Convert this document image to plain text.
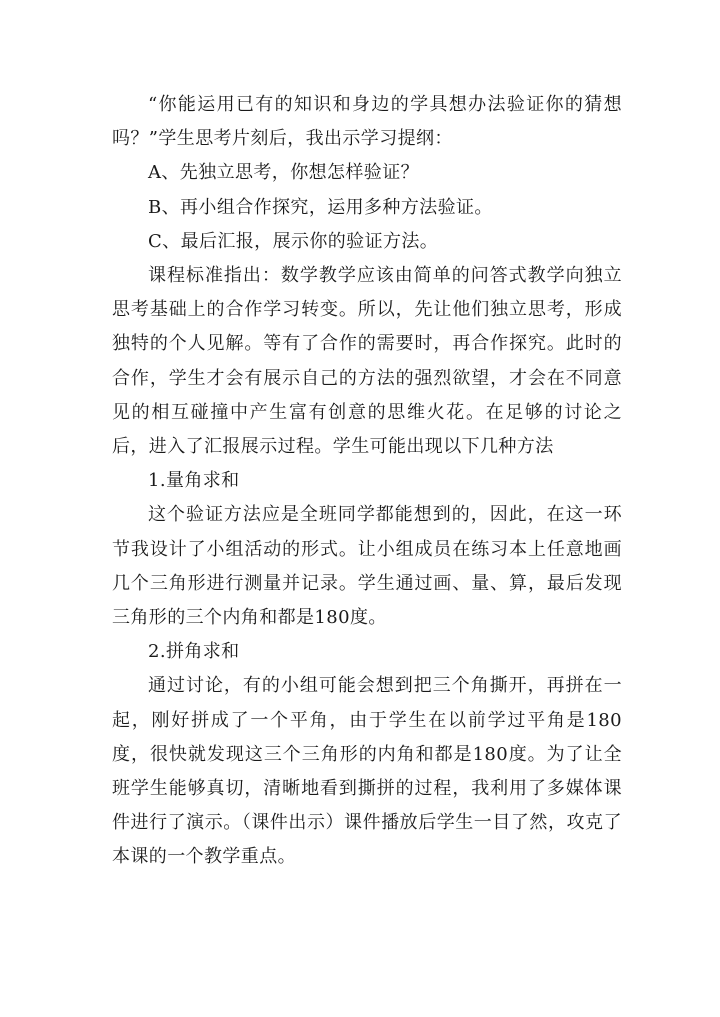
“你能运用已有的知识和身边的学具想办法验证你的猜想吗？”学生思考片刻后，我出示学习提纲：

A、先独立思考，你想怎样验证？

B、再小组合作探究，运用多种方法验证。

C、最后汇报，展示你的验证方法。

课程标准指出：数学教学应该由简单的问答式教学向独立思考基础上的合作学习转变。所以，先让他们独立思考，形成独特的个人见解。等有了合作的需要时，再合作探究。此时的合作，学生才会有展示自己的方法的强烈欲望，才会在不同意见的相互碰撞中产生富有创意的思维火花。在足够的讨论之后，进入了汇报展示过程。学生可能出现以下几种方法

1.量角求和

这个验证方法应是全班同学都能想到的，因此，在这一环节我设计了小组活动的形式。让小组成员在练习本上任意地画几个三角形进行测量并记录。学生通过画、量、算，最后发现三角形的三个内角和都是180度。

2.拼角求和

通过讨论，有的小组可能会想到把三个角撕开，再拼在一起，刚好拼成了一个平角，由于学生在以前学过平角是180度，很快就发现这三个三角形的内角和都是180度。为了让全班学生能够真切，清晰地看到撕拼的过程，我利用了多媒体课件进行了演示。（课件出示）课件播放后学生一目了然，攻克了本课的一个教学重点。
